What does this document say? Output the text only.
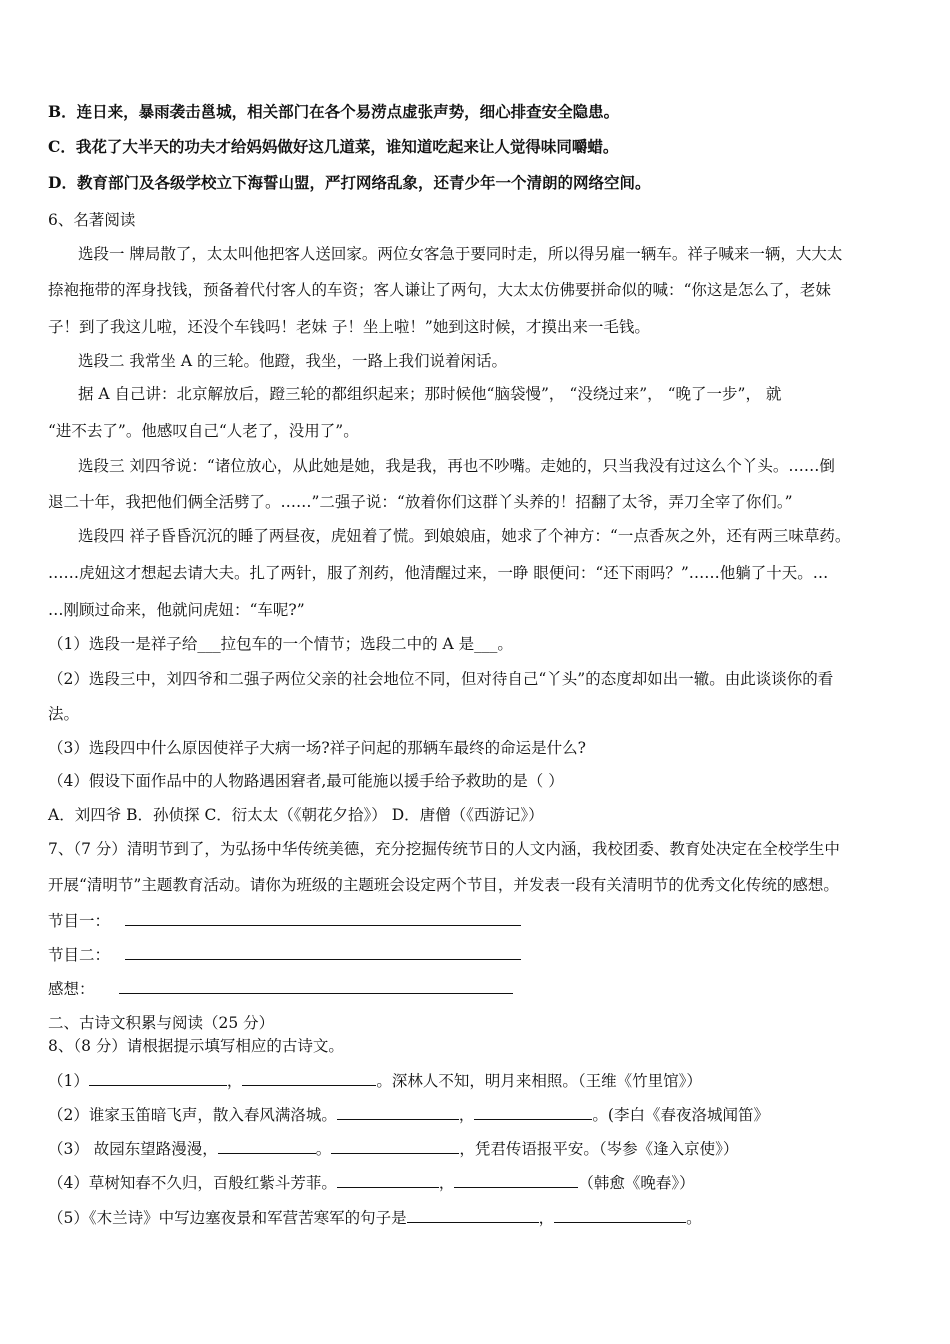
B．连日来，暴雨袭击邕城，相关部门在各个易涝点虚张声势，细心排查安全隐患。
C．我花了大半天的功夫才给妈妈做好这几道菜，谁知道吃起来让人觉得味同嚼蜡。
D．教育部门及各级学校立下海誓山盟，严打网络乱象，还青少年一个清朗的网络空间。
6、名著阅读
选段一 牌局散了，太太叫他把客人送回家。两位女客急于要同时走，所以得另雇一辆车。祥子喊来一辆，大大太
捺袍拖带的浑身找钱，预备着代付客人的车资；客人谦让了两句，大太太仿佛要拼命似的喊：“你这是怎么了，老妹
子！到了我这儿啦，还没个车钱吗！老妹 子！坐上啦！”她到这时候，才摸出来一毛钱。
选段二 我常坐 A 的三轮。他蹬，我坐，一路上我们说着闲话。
据 A 自己讲：北京解放后，蹬三轮的都组织起来；那时候他“脑袋慢”， “没绕过来”， “晚了一步”， 就
“进不去了”。他感叹自己“人老了，没用了”。
选段三 刘四爷说：“诸位放心，从此她是她，我是我，再也不吵嘴。走她的，只当我没有过这么个丫头。……倒
退二十年，我把他们俩全活劈了。……”二强子说：“放着你们这群丫头养的！招翻了太爷，弄刀全宰了你们。”
选段四 祥子昏昏沉沉的睡了两昼夜，虎妞着了慌。到娘娘庙，她求了个神方：“一点香灰之外，还有两三味草药。
……虎妞这才想起去请大夫。扎了两针，服了剂药，他清醒过来，一睁 眼便问：“还下雨吗？”……他躺了十天。…
…刚顾过命来，他就问虎妞：“车呢?”
（1）选段一是祥子给___拉包车的一个情节；选段二中的 A 是___。
（2）选段三中，刘四爷和二强子两位父亲的社会地位不同，但对待自己“丫头”的态度却如出一辙。由此谈谈你的看
法。
（3）选段四中什么原因使祥子大病一场?祥子问起的那辆车最终的命运是什么?
（4）假设下面作品中的人物路遇困窘者,最可能施以援手给予救助的是（ ）
A．刘四爷 B．孙侦探 C．衍太太（《朝花夕拾》） D．唐僧（《西游记》）
7、（7 分）清明节到了，为弘扬中华传统美德，充分挖掘传统节日的人文内涵，我校团委、教育处决定在全校学生中
开展“清明节”主题教育活动。请你为班级的主题班会设定两个节目，并发表一段有关清明节的优秀文化传统的感想。
节目一：
节目二：
感想：
二、古诗文积累与阅读（25 分）
8、（8 分）请根据提示填写相应的古诗文。
（1）	，	。深林人不知，明月来相照。（王维《竹里馆》）
（2）谁家玉笛暗飞声，散入春风满洛城。	，	。(李白《春夜洛城闻笛》
（3） 故园东望路漫漫，	。	，凭君传语报平安。（岑参《逢入京使》）
（4）草树知春不久归，百般红紫斗芳菲。	，	（韩愈《晚春》）
（5）《木兰诗》中写边塞夜景和军营苦寒军的句子是	，	。
